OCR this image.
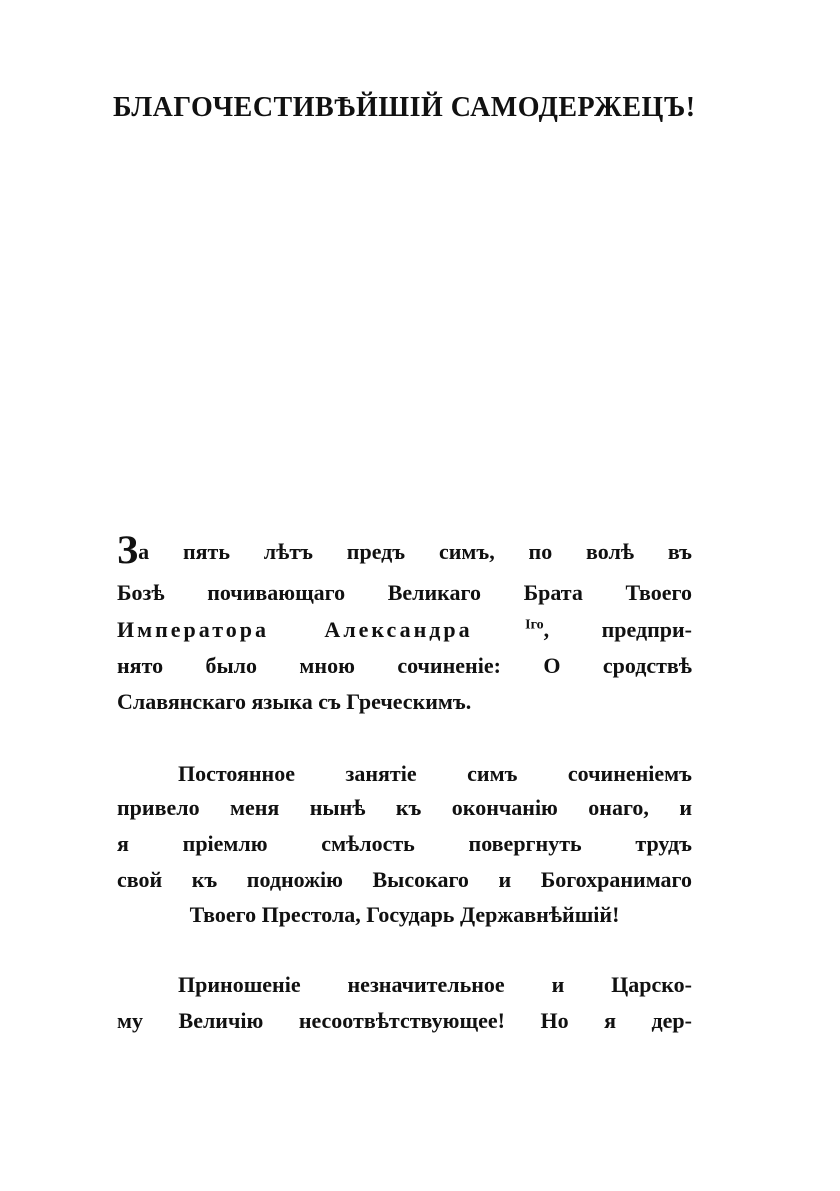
БЛАГОЧЕСТИВѢЙШІЙ САМОДЕРЖЕЦЪ!
За пять лѣтъ предъ симъ, по волѣ въ
Бозѣ почивающаго Великаго Брата Твоего
Императора Александра	$^{Iго}$, предпри-
нято было мною сочиненіе: О сродствѣ
Славянскаго языка съ Греческимъ.
Постоянное занятіе симъ сочиненіемъ
привело меня нынѣ къ окончанію онаго, и
я пріемлю смѣлость повергнуть трудъ
свой къ подножію Высокаго и Богохранимаго
Твоего Престола, Государь Державнѣйшій!
Приношеніе незначительное и Царско-
му Величію несоотвѣтствующее! Но я дер-
